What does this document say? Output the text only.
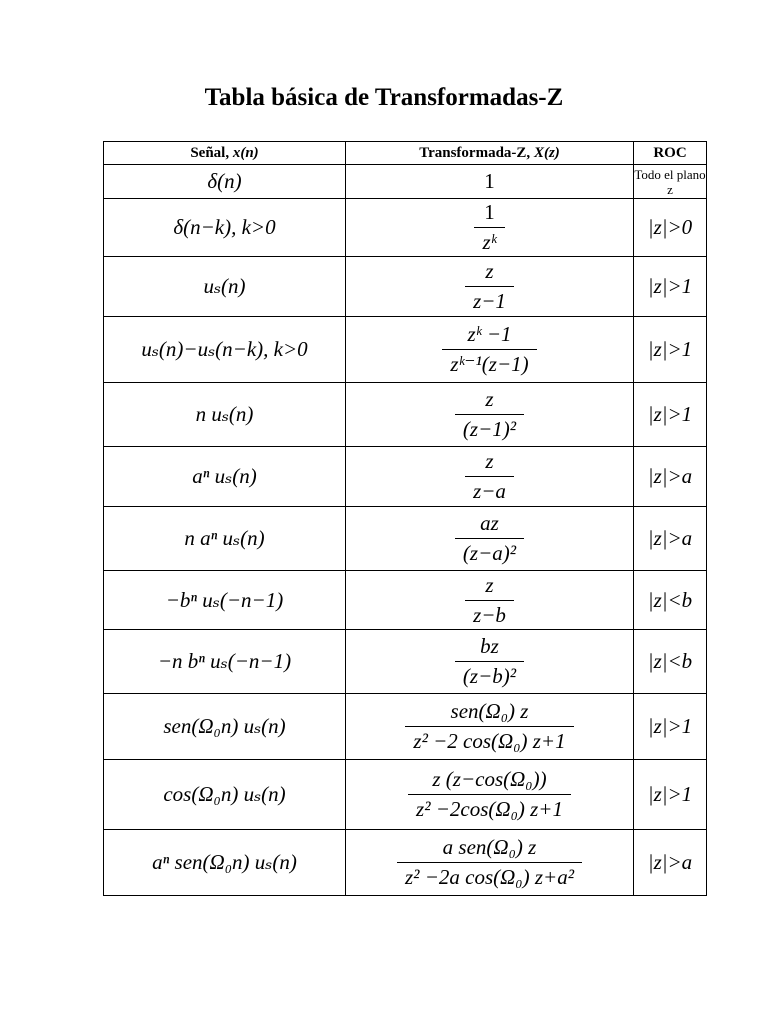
Tabla básica de Transformadas-Z
Señal, x(n)	Transformada-Z, X(z)	ROC
δ(n)	1	Todo el plano z
δ(n−k), k>0	$\frac{1}{\text{zᵏ}}$	|z|>0
uₛ(n)	$\frac{z}{z-1}$	|z|>1
uₛ(n)−uₛ(n−k), k>0	$\frac{\text{zᵏ −1}}{\text{zᵏ⁻¹(z−1)}}$	|z|>1
n uₛ(n)	$\frac{z}{\text{(z−1)²}}$	|z|>1
aⁿ uₛ(n)	$\frac{z}{z-a}$	|z|>a
n aⁿ uₛ(n)	$\frac{az}{\text{(z−a)²}}$	|z|>a
−bⁿ uₛ(−n−1)	$\frac{z}{z-b}$	|z|<b
−n bⁿ uₛ(−n−1)	$\frac{bz}{\text{(z−b)²}}$	|z|<b
sen(Ω₀n) uₛ(n)	$\frac{\text{sen(Ω₀) z}}{\text{z² −2 cos(Ω₀) z+1}}$	|z|>1
cos(Ω₀n) uₛ(n)	$\frac{\text{z (z−cos(Ω₀))}}{\text{z² −2cos(Ω₀) z+1}}$	|z|>1
aⁿ sen(Ω₀n) uₛ(n)	$\frac{\text{a sen(Ω₀) z}}{\text{z² −2a cos(Ω₀) z+a²}}$	|z|>a
